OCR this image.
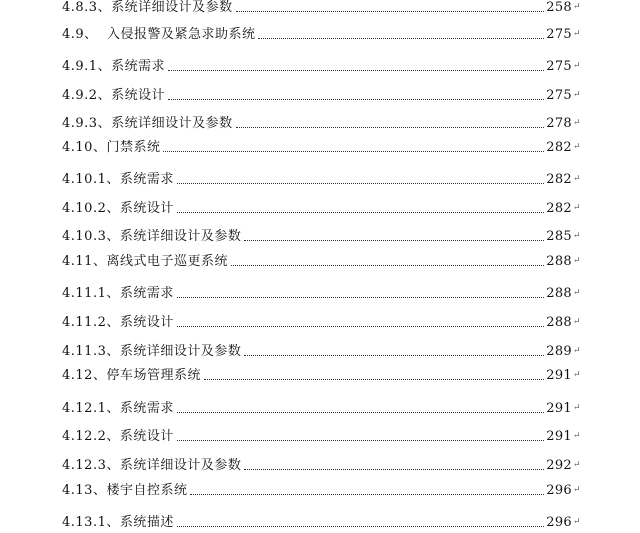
4.8.3、系统详细设计及参数	258 ↵
4.9、  入侵报警及紧急求助系统	275 ↵
4.9.1、系统需求	275 ↵
4.9.2、系统设计	275 ↵
4.9.3、系统详细设计及参数	278 ↵
4.10、门禁系统	282 ↵
4.10.1、系统需求	282 ↵
4.10.2、系统设计	282 ↵
4.10.3、系统详细设计及参数	285 ↵
4.11、离线式电子巡更系统	288 ↵
4.11.1、系统需求	288 ↵
4.11.2、系统设计	288 ↵
4.11.3、系统详细设计及参数	289 ↵
4.12、停车场管理系统	291 ↵
4.12.1、系统需求	291 ↵
4.12.2、系统设计	291 ↵
4.12.3、系统详细设计及参数	292 ↵
4.13、楼宇自控系统	296 ↵
4.13.1、系统描述	296 ↵
